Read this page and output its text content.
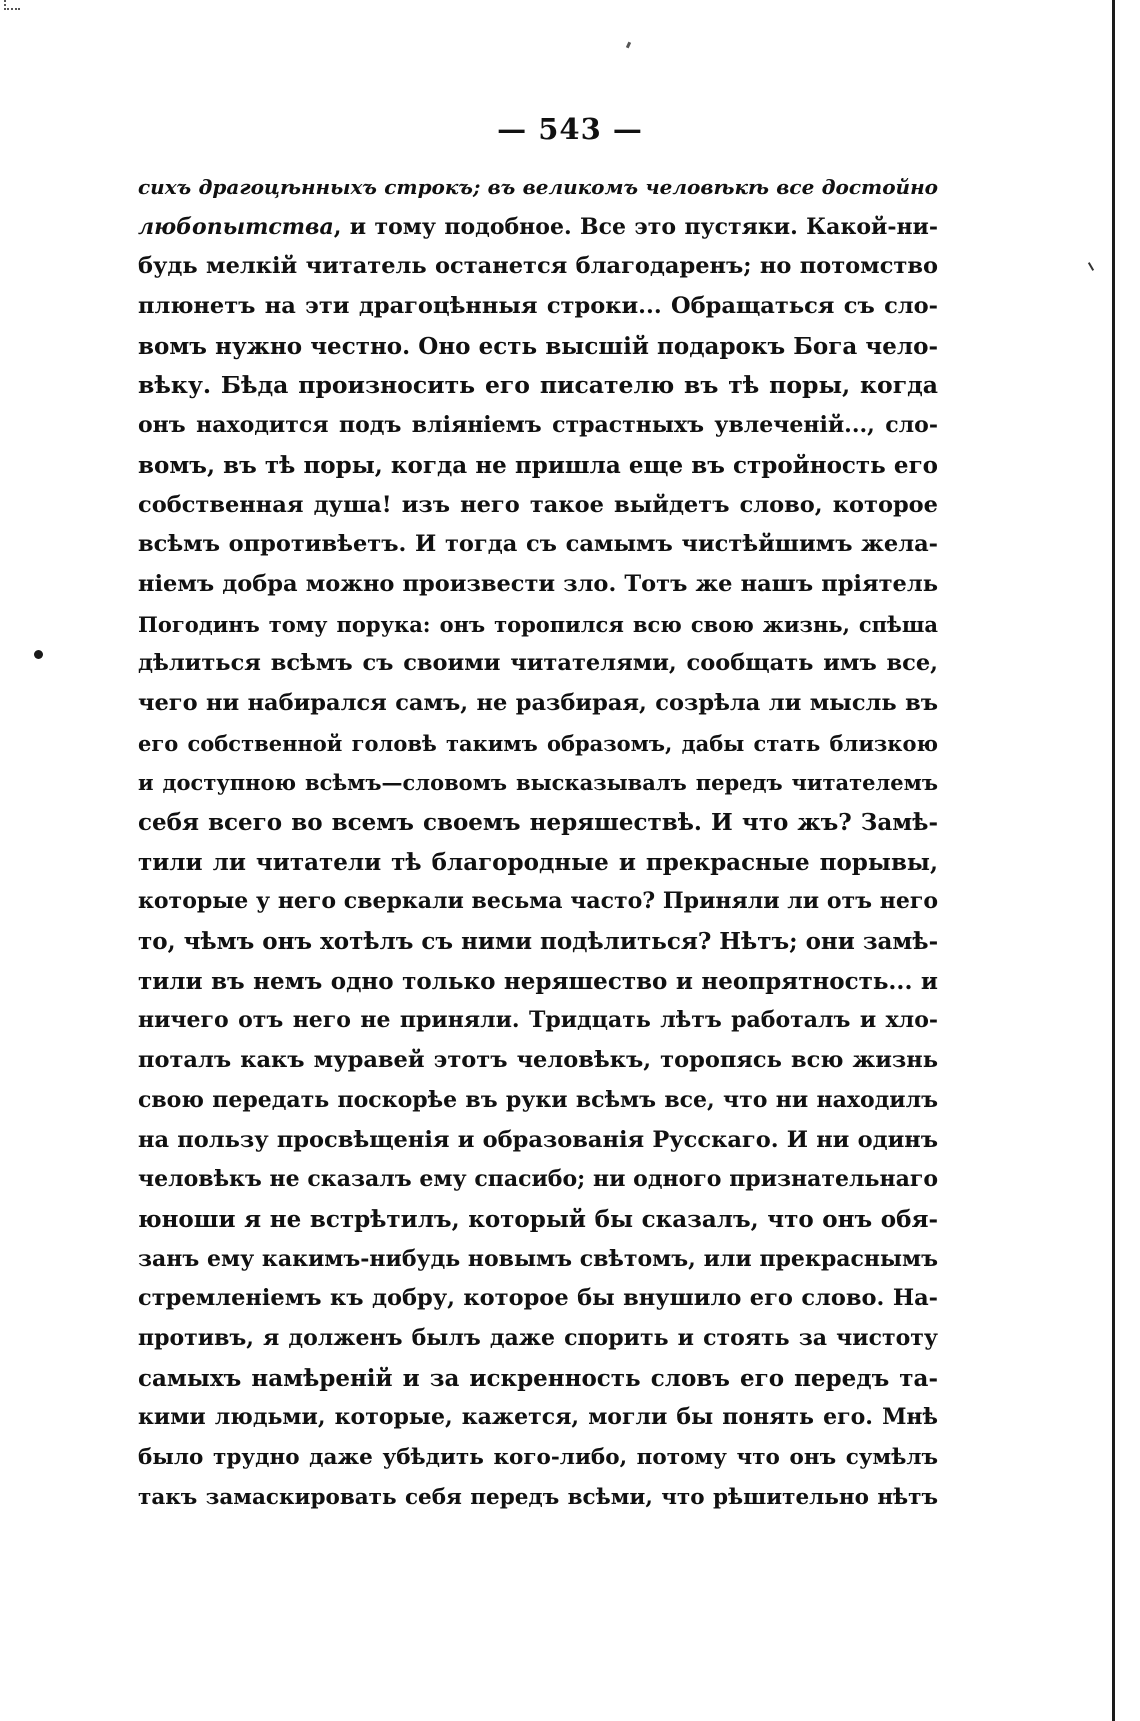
— 543 —
сихъ драгоцѣнныхъ строкъ; въ великомъ человѣкѣ все достойно
любопытства, и тому подобное. Все это пустяки. Какой-ни-
будь мелкій читатель останется благодаренъ; но потомство
плюнетъ на эти драгоцѣнныя строки... Обращаться съ сло-
вомъ нужно честно. Оно есть высшій подарокъ Бога чело-
вѣку. Бѣда произносить его писателю въ тѣ поры, когда
онъ находится подъ вліяніемъ страстныхъ увлеченій..., сло-
вомъ, въ тѣ поры, когда не пришла еще въ стройность его
собственная душа! изъ него такое выйдетъ слово, которое
всѣмъ опротивѣетъ. И тогда съ самымъ чистѣйшимъ жела-
ніемъ добра можно произвести зло. Тотъ же нашъ пріятель
Погодинъ тому порука: онъ торопился всю свою жизнь, спѣша
дѣлиться всѣмъ съ своими читателями, сообщать имъ все,
чего ни набирался самъ, не разбирая, созрѣла ли мысль въ
его собственной головѣ такимъ образомъ, дабы стать близкою
и доступною всѣмъ—словомъ высказывалъ передъ читателемъ
себя всего во всемъ своемъ неряшествѣ. И что жъ? Замѣ-
тили ли читатели тѣ благородные и прекрасные порывы,
которые у него сверкали весьма часто? Приняли ли отъ него
то, чѣмъ онъ хотѣлъ съ ними подѣлиться? Нѣтъ; они замѣ-
тили въ немъ одно только неряшество и неопрятность... и
ничего отъ него не приняли. Тридцать лѣтъ работалъ и хло-
поталъ какъ муравей этотъ человѣкъ, торопясь всю жизнь
свою передать поскорѣе въ руки всѣмъ все, что ни находилъ
на пользу просвѣщенія и образованія Русскаго. И ни одинъ
человѣкъ не сказалъ ему спасибо; ни одного признательнаго
юноши я не встрѣтилъ, который бы сказалъ, что онъ обя-
занъ ему какимъ-нибудь новымъ свѣтомъ, или прекраснымъ
стремленіемъ къ добру, которое бы внушило его слово. На-
противъ, я долженъ былъ даже спорить и стоять за чистоту
самыхъ намѣреній и за искренность словъ его передъ та-
кими людьми, которые, кажется, могли бы понять его. Мнѣ
было трудно даже убѣдить кого-либо, потому что онъ сумѣлъ
такъ замаскировать себя передъ всѣми, что рѣшительно нѣтъ
